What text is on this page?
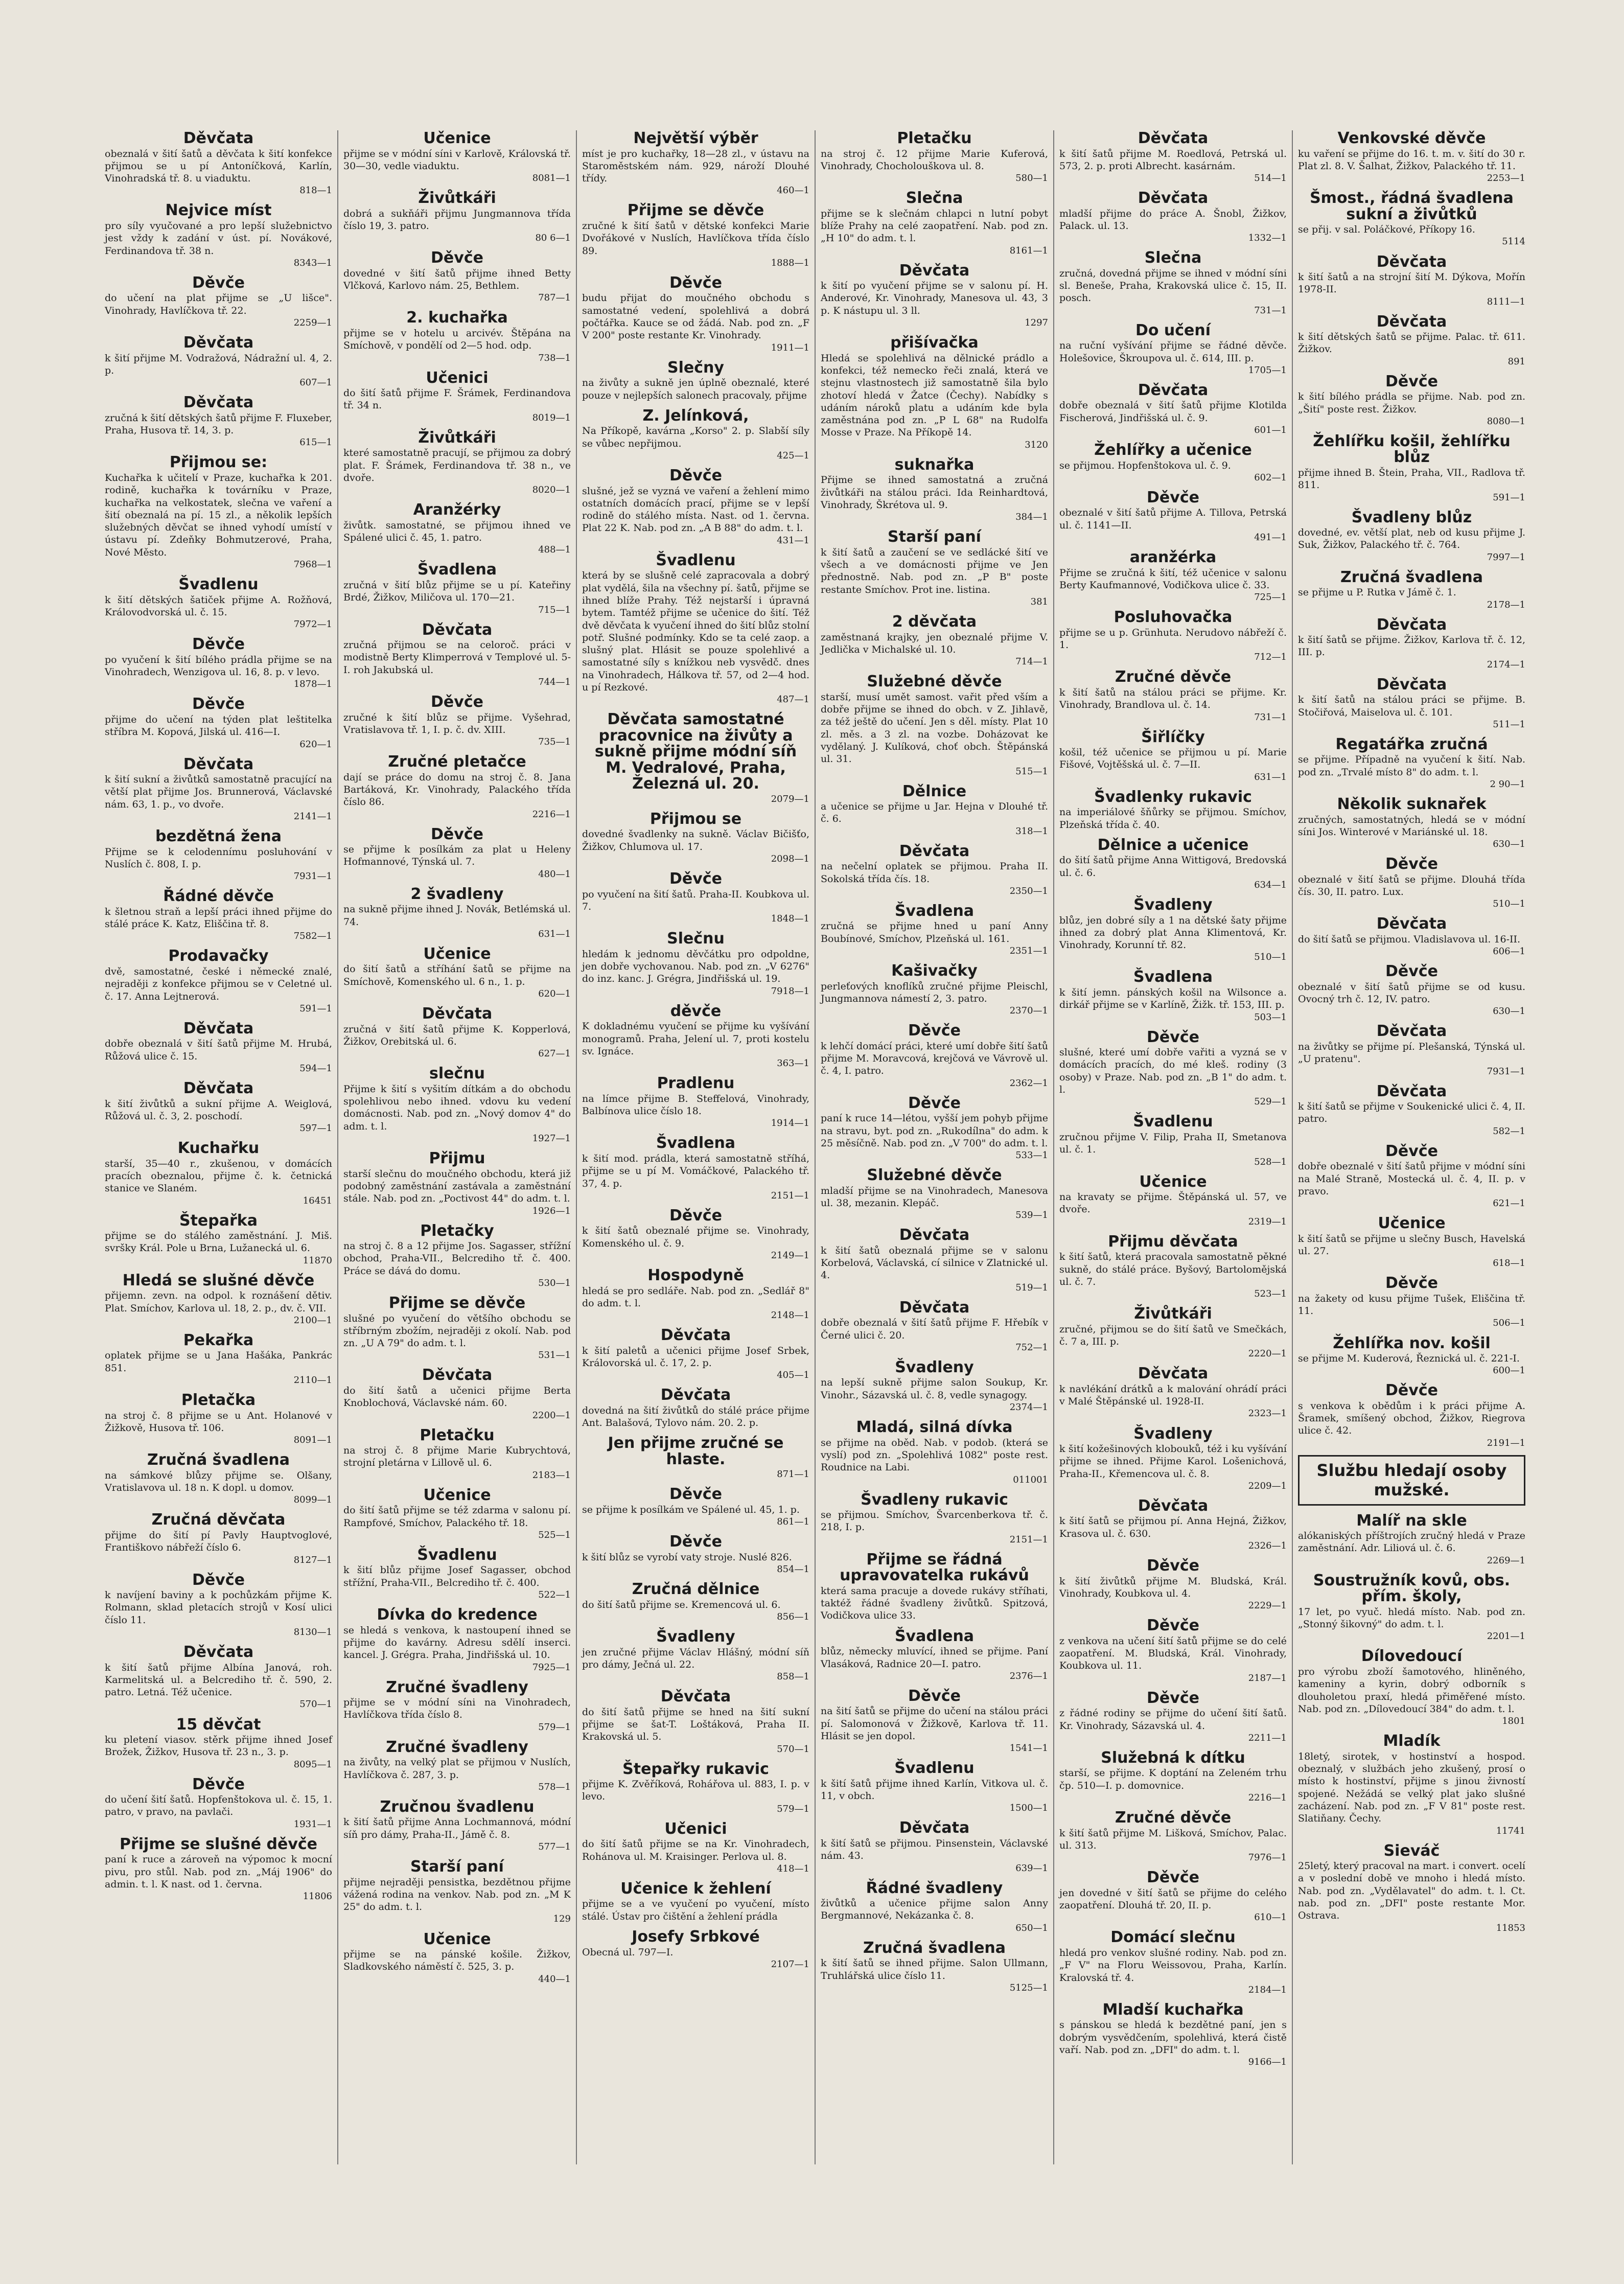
Děvčata
obeznalá v šití šatů a děvčata k šití konfekce přijmou se u pí Antoníčková, Karlín, Vinohradská tř. 8. u viaduktu.
818—1
Nejvice míst
pro síly vyučované a pro lepší služebnictvo jest vždy k zadání v úst. pí. Novákové, Ferdinandova tř. 38 n.
8343—1
Děvče
do učení na plat přijme se „U lišce". Vinohrady, Havlíčkova tř. 22.
2259—1
Děvčata
k šití přijme M. Vodražová, Nádražní ul. 4, 2. p.
607—1
Děvčata
zručná k šití dětských šatů přijme F. Fluxeber, Praha, Husova tř. 14, 3. p.
615—1
Přijmou se:
Kuchařka k učitelí v Praze, kuchařka k 201. rodině, kuchařka k továrníku v Praze, kuchařka na velkostatek, slečna ve vaření a šití obeznalá na pí. 15 zl., a několik lepších služebných děvčat se ihned vyhodí umístí v ústavu pí. Zdeňky Bohmutzerové, Praha, Nové Město.
7968—1
Švadlenu
k šití dětských šatiček přijme A. Rožňová, Královodvorská ul. č. 15.
7972—1
Děvče
po vyučení k šití bílého prádla přijme se na Vinohradech, Wenzigova ul. 16, 8. p. v levo.
1878—1
Děvče
přijme do učení na týden plat leštitelka stříbra M. Kopová, Jilská ul. 416—I.
620—1
Děvčata
k šití sukní a živůtků samostatně pracující na větší plat přijme Jos. Brunnerová, Václavské nám. 63, 1. p., vo dvoře.
2141—1
bezdětná žena
Přijme se k celodennímu posluhování v Nuslích č. 808, I. p.
7931—1
Řádné děvče
k šletnou straň a lepší práci ihned přijme do stálé práce K. Katz, Eliščina tř. 8.
7582—1
Prodavačky
dvě, samostatné, české i německé znalé, nejraději z konfekce přijmou se v Celetné ul. č. 17. Anna Lejtnerová.
591—1
Děvčata
dobře obeznalá v šití šatů přijme M. Hrubá, Růžová ulice č. 15.
594—1
Děvčata
k šití živůtků a sukní přijme A. Weiglová, Růžová ul. č. 3, 2. poschodí.
597—1
Kuchařku
starší, 35—40 r., zkušenou, v domácích pracích obeznalou, přijme č. k. četnická stanice ve Slaném.
16451
Štepařka
přijme se do stálého zaměstnání. J. Miš. svršky Král. Pole u Brna, Lužanecká ul. 6.
11870
Hledá se slušné děvče
přijemn. zevn. na odpol. k roznášení dětiv. Plat. Smíchov, Karlova ul. 18, 2. p., dv. č. VII.
2100—1
Pekařka
oplatek přijme se u Jana Hašáka, Pankrác 851.
2110—1
Pletačka
na stroj č. 8 přijme se u Ant. Holanové v Žižkově, Husova tř. 106.
8091—1
Zručná švadlena
na sámkové blůzy přijme se. Olšany, Vratislavova ul. 18 n. K dopl. u domov.
8099—1
Zručná děvčata
přijme do šití pí Pavly Hauptvoglové, Františkovo nábřeží číslo 6.
8127—1
Děvče
k navíjení baviny a k pochůzkám přijme K. Rolmann, sklad pletacích strojů v Kosí ulici číslo 11.
8130—1
Děvčata
k šití šatů přijme Albína Janová, roh. Karmelitská ul. a Belcrediho tř. č. 590, 2. patro. Letná. Též učenice.
570—1
15 děvčat
ku pletení viasov. stěrk přijme ihned Josef Brožek, Žižkov, Husova tř. 23 n., 3. p.
8095—1
Děvče
do učení šití šatů. Hopfenštokova ul. č. 15, 1. patro, v pravo, na pavlači.
1931—1
Přijme se slušné děvče
paní k ruce a zároveň na výpomoc k mocní pivu, pro stůl. Nab. pod zn. „Máj 1906" do admin. t. l. K nast. od 1. června.
11806
Učenice
přijme se v módní síni v Karlově, Královská tř. 30—30, vedle viaduktu.
8081—1
Živůtkáři
dobrá a sukňáři přijmu Jungmannova třída číslo 19, 3. patro.
80 6—1
Děvče
dovedné v šití šatů přijme ihned Betty Vlčková, Karlovo nám. 25, Bethlem.
787—1
2. kuchařka
přijme se v hotelu u arcivév. Štěpána na Smíchově, v pondělí od 2—5 hod. odp.
738—1
Učenici
do šití šatů přijme F. Šrámek, Ferdinandova tř. 34 n.
8019—1
Živůtkáři
které samostatně pracují, se přijmou za dobrý plat. F. Šrámek, Ferdinandova tř. 38 n., ve dvoře.
8020—1
Aranžérky
živůtk. samostatné, se přijmou ihned ve Spálené ulici č. 45, 1. patro.
488—1
Švadlena
zručná v šití blůz přijme se u pí. Kateřiny Brdé, Žižkov, Miličova ul. 170—21.
715—1
Děvčata
zručná přijmou se na celoroč. práci v modistně Berty Klimperrová v Templové ul. 5-I. roh Jakubská ul.
744—1
Děvče
zručné k šití blůz se přijme. Vyšehrad, Vratislavova tř. 1, I. p. č. dv. XIII.
735—1
Zručné pletačce
dají se práce do domu na stroj č. 8. Jana Bartáková, Kr. Vinohrady, Palackého třída číslo 86.
2216—1
Děvče
se přijme k posílkám za plat u Heleny Hofmannové, Týnská ul. 7.
480—1
2 švadleny
na sukně přijme ihned J. Novák, Betlémská ul. 74.
631—1
Učenice
do šití šatů a stříhání šatů se přijme na Smíchově, Komenského ul. 6 n., 1. p.
620—1
Děvčata
zručná v šití šatů přijme K. Kopperlová, Žižkov, Orebitská ul. 6.
627—1
slečnu
Přijme k šití s vyšitím dítkám a do obchodu spolehlivou nebo ihned. vdovu ku vedení domácnosti. Nab. pod zn. „Nový domov 4" do adm. t. l.
1927—1
Přijmu
starší slečnu do moučného obchodu, která již podobný zaměstnání zastávala a zaměstnání stále. Nab. pod zn. „Poctivost 44" do adm. t. l.
1926—1
Pletačky
na stroj č. 8 a 12 přijme Jos. Sagasser, střížní obchod, Praha-VII., Belcrediho tř. č. 400. Práce se dává do domu.
530—1
Přijme se děvče
slušné po vyučení do většího obchodu se stříbrným zbožím, nejraději z okolí. Nab. pod zn. „U A 79" do adm. t. l.
531—1
Děvčata
do šití šatů a učenici přijme Berta Knoblochová, Václavské nám. 60.
2200—1
Pletačku
na stroj č. 8 přijme Marie Kubrychtová, strojní pletárna v Lillově ul. 6.
2183—1
Učenice
do šití šatů přijme se též zdarma v salonu pí. Rampfové, Smíchov, Palackého tř. 18.
525—1
Švadlenu
k šití blůz přijme Josef Sagasser, obchod střížní, Praha-VII., Belcrediho tř. č. 400.
522—1
Dívka do kredence
se hledá s venkova, k nastoupení ihned se přijme do kavárny. Adresu sdělí inserci. kancel. J. Grégra. Praha, Jindřišská ul. 10.
7925—1
Zručné švadleny
přijme se v módní síni na Vinohradech, Havlíčkova třída číslo 8.
579—1
Zručné švadleny
na živůty, na velký plat se přijmou v Nuslích, Havlíčkova č. 287, 3. p.
578—1
Zručnou švadlenu
k šití šatů přijme Anna Lochmannová, módní síň pro dámy, Praha-II., Jámě č. 8.
577—1
Starší paní
přijme nejraději pensistka, bezdětnou přijme vážená rodina na venkov. Nab. pod zn. „M K 25" do adm. t. l.
129
Učenice
přijme se na pánské košile. Žižkov, Sladkovského náměstí č. 525, 3. p.
440—1
Největší výběr
míst je pro kuchařky, 18—28 zl., v ústavu na Staroměstském nám. 929, nároží Dlouhé třídy.
460—1
Přijme se děvče
zručné k šití šatů v dětské konfekci Marie Dvořákové v Nuslích, Havlíčkova třída číslo 89.
1888—1
Děvče
budu přijat do moučného obchodu s samostatné vedení, spolehlivá a dobrá počtářka. Kauce se od žádá. Nab. pod zn. „F V 200" poste restante Kr. Vinohrady.
1911—1
Slečny
na živůty a sukně jen úplně obeznalé, které pouze v nejlepších salonech pracovaly, přijme
Z. Jelínková,
Na Příkopě, kavárna „Korso" 2. p. Slabší síly se vůbec nepřijmou.
425—1
Děvče
slušné, jež se vyzná ve vaření a žehlení mimo ostatních domácích prací, přijme se v lepší rodině do stálého místa. Nast. od 1. června. Plat 22 K. Nab. pod zn. „A B 88" do adm. t. l.
431—1
Švadlenu
která by se slušně celé zapracovala a dobrý plat vydělá, šila na všechny pí. šatů, přijme se ihned blíže Prahy. Též nejstarší i úpravná bytem. Tamtéž přijme se učenice do šití. Též dvě děvčata k vyučení ihned do šití blůz stolní potř. Slušné podmínky. Kdo se ta celé zaop. a slušný plat. Hlásit se pouze spolehlivé a samostatné síly s knížkou neb vysvědč. dnes na Vinohradech, Hálkova tř. 57, od 2—4 hod. u pí Rezkové.
487—1
Děvčata samostatné pracovnice na živůty a sukně přijme módní síň M. Vedralové, Praha, Železná ul. 20.
2079—1
Přijmou se
dovedné švadlenky na sukně. Václav Bičišťo, Žižkov, Chlumova ul. 17.
2098—1
Děvče
po vyučení na šití šatů. Praha-II. Koubkova ul. 7.
1848—1
Slečnu
hledám k jednomu děvčátku pro odpoldne, jen dobře vychovanou. Nab. pod zn. „V 6276" do inz. kanc. J. Grégra, Jindřišská ul. 19.
7918—1
děvče
K dokladnému vyučení se přijme ku vyšívání monogramů. Praha, Jelení ul. 7, proti kostelu sv. Ignáce.
363—1
Pradlenu
na límce přijme B. Steffelová, Vinohrady, Balbínova ulice číslo 18.
1914—1
Švadlena
k šití mod. prádla, která samostatně stříhá, přijme se u pí M. Vomáčkové, Palackého tř. 37, 4. p.
2151—1
Děvče
k šití šatů obeznalé přijme se. Vinohrady, Komenského ul. č. 9.
2149—1
Hospodyně
hledá se pro sedláře. Nab. pod zn. „Sedlář 8" do adm. t. l.
2148—1
Děvčata
k šití paletů a učenici přijme Josef Srbek, Královorská ul. č. 17, 2. p.
405—1
Děvčata
dovedná na šití živůtků do stálé práce přijme Ant. Balašová, Tylovo nám. 20. 2. p.
Jen přijme zručné se hlaste.
871—1
Děvče
se přijme k posílkám ve Spálené ul. 45, 1. p.
861—1
Děvče
k šití blůz se vyrobí vaty stroje. Nuslé 826.
854—1
Zručná dělnice
do šití šatů přijme se. Kremencová ul. 6.
856—1
Švadleny
jen zručné přijme Václav Hlášný, módní síň pro dámy, Ječná ul. 22.
858—1
Děvčata
do šití šatů přijme se hned na šití sukní přijme se šat-T. Loštáková, Praha II. Krakovská ul. 5.
570—1
Štepařky rukavic
přijme K. Zvěříková, Rohářova ul. 883, I. p. v levo.
579—1
Učenici
do šití šatů přijme se na Kr. Vinohradech, Rohánova ul. M. Kraisinger. Perlova ul. 8.
418—1
Učenice k žehlení
přijme se a ve vyučení po vyučení, místo stálé. Ústav pro čištění a žehlení prádla
Josefy Srbkové
Obecná ul. 797—I.
2107—1
Pletačku
na stroj č. 12 přijme Marie Kuferová, Vinohrady, Chocholouškova ul. 8.
580—1
Slečna
přijme se k slečnám chlapci n lutní pobyt blíže Prahy na celé zaopatření. Nab. pod zn. „H 10" do adm. t. l.
8161—1
Děvčata
k šití po vyučení přijme se v salonu pí. H. Anderové, Kr. Vinohrady, Manesova ul. 43, 3 p. K nástupu ul. 3 ll.
1297
přišívačka
Hledá se spolehlivá na dělnické prádlo a konfekci, též nemecko řeči znalá, která ve stejnu vlastnostech již samostatně šila bylo zhotoví hledá v Žatce (Čechy). Nabídky s udáním nároků platu a udáním kde byla zaměstnána pod zn. „P L 68" na Rudolfa Mosse v Praze. Na Příkopě 14.
3120
suknařka
Přijme se ihned samostatná a zručná živůtkáři na stálou práci. Ida Reinhardtová, Vinohrady, Škrétova ul. 9.
384—1
Starší paní
k šití šatů a zaučení se ve sedlácké šití ve všech a ve domácnosti přijme ve Jen přednostně. Nab. pod zn. „P B" poste restante Smíchov. Prot ine. listina.
381
2 děvčata
zaměstnaná krajky, jen obeznalé přijme V. Jedlička v Michalské ul. 10.
714—1
Služebné děvče
starší, musí umět samost. vařit před vším a dobře přijme se ihned do obch. v Z. Jihlavě, za též ještě do učení. Jen s děl. místy. Plat 10 zl. měs. a 3 zl. na vozbe. Doházovat ke vydělaný. J. Kulíková, choť obch. Štěpánská ul. 31.
515—1
Dělnice
a učenice se přijme u Jar. Hejna v Dlouhé tř. č. 6.
318—1
Děvčata
na nečelní oplatek se přijmou. Praha II. Sokolská třída čís. 18.
2350—1
Švadlena
zručná se přijme hned u paní Anny Boubínové, Smíchov, Plzeňská ul. 161.
2351—1
Kašivačky
perleťových knoflíků zručné přijme Pleischl, Jungmannova námestí 2, 3. patro.
2370—1
Děvče
k lehčí domácí práci, které umí dobře šití šatů přijme M. Moravcová, krejčová ve Vávrově ul. č. 4, I. patro.
2362—1
Děvče
paní k ruce 14—létou, vyšší jem pohyb přijme na stravu, byt. pod zn. „Rukodílna" do adm. k 25 měsíčně. Nab. pod zn. „V 700" do adm. t. l.
533—1
Služebné děvče
mladší přijme se na Vinohradech, Manesova ul. 38, mezanin. Klepáč.
539—1
Děvčata
k šití šatů obeznalá přijme se v salonu Korbelová, Václavská, cí silnice v Zlatnické ul. 4.
519—1
Děvčata
dobře obeznalá v šití šatů přijme F. Hřebík v Černé ulici č. 20.
752—1
Švadleny
na lepší sukně přijme salon Soukup, Kr. Vinohr., Sázavská ul. č. 8, vedle synagogy.
2374—1
Mladá, silná dívka
se přijme na oběd. Nab. v podob. (která se vyslí) pod zn. „Spolehlivá 1082" poste rest. Roudnice na Labi.
011001
Švadleny rukavic
se přijmou. Smíchov, Švarcenberkova tř. č. 218, I. p.
2151—1
Přijme se řádná upravovatelka rukávů
která sama pracuje a dovede rukávy stříhati, taktéž řádné švadleny živůtků. Spitzová, Vodičkova ulice 33.
Švadlena
blůz, německy mluvící, ihned se přijme. Paní Vlasáková, Radnice 20—I. patro.
2376—1
Děvče
na šití šatů se přijme do učení na stálou práci pí. Salomonová v Žižkově, Karlova tř. 11. Hlásit se jen dopol.
1541—1
Švadlenu
k šití šatů přijme ihned Karlín, Vitkova ul. č. 11, v obch.
1500—1
Děvčata
k šití šatů se přijmou. Pinsenstein, Václavské nám. 43.
639—1
Řádné švadleny
živůtků a učenice přijme salon Anny Bergmannové, Nekázanka č. 8.
650—1
Zručná švadlena
k šití šatů se ihned přijme. Salon Ullmann, Truhlářská ulice číslo 11.
5125—1
Děvčata
k šití šatů přijme M. Roedlová, Petrská ul. 573, 2. p. proti Albrecht. kasárnám.
514—1
Děvčata
mladší přijme do práce A. Šnobl, Žižkov, Palack. ul. 13.
1332—1
Slečna
zručná, dovedná přijme se ihned v módní síni sl. Beneše, Praha, Krakovská ulice č. 15, II. posch.
731—1
Do učení
na ruční vyšívání přijme se řádné děvče. Holešovice, Škroupova ul. č. 614, III. p.
1705—1
Děvčata
dobře obeznalá v šití šatů přijme Klotilda Fischerová, Jindřišská ul. č. 9.
601—1
Žehlířky a učenice
se přijmou. Hopfenštokova ul. č. 9.
602—1
Děvče
obeznalé v šití šatů přijme A. Tillova, Petrská ul. č. 1141—II.
491—1
aranžérka
Přijme se zručná k šití, též učenice v salonu Berty Kaufmannové, Vodičkova ulice č. 33.
725—1
Posluhovačka
přijme se u p. Grünhuta. Nerudovo nábřeží č. 1.
712—1
Zručné děvče
k šití šatů na stálou práci se přijme. Kr. Vinohrady, Brandlova ul. č. 14.
731—1
Šiřlíčky
košil, též učenice se přijmou u pí. Marie Fišové, Vojtěšská ul. č. 7—II.
631—1
Švadlenky rukavic
na imperiálové šňůrky se přijmou. Smíchov, Plzeňská třída č. 40.
Dělnice a učenice
do šití šatů přijme Anna Wittigová, Bredovská ul. č. 6.
634—1
Švadleny
blůz, jen dobré síly a 1 na dětské šaty přijme ihned za dobrý plat Anna Klimentová, Kr. Vinohrady, Korunní tř. 82.
510—1
Švadlena
k šití jemn. pánských košil na Wilsonce a. dirkář přijme se v Karlíně, Žižk. tř. 153, III. p.
503—1
Děvče
slušné, které umí dobře vařiti a vyzná se v domácích pracích, do mé kleš. rodiny (3 osoby) v Praze. Nab. pod zn. „B 1" do adm. t. l.
529—1
Švadlenu
zručnou přijme V. Filip, Praha II, Smetanova ul. č. 1.
528—1
Učenice
na kravaty se přijme. Štěpánská ul. 57, ve dvoře.
2319—1
Přijmu děvčata
k šití šatů, která pracovala samostatně pěkné sukně, do stálé práce. Byšový, Bartolomějská ul. č. 7.
523—1
Živůtkáři
zručné, přijmou se do šití šatů ve Smečkách, č. 7 a, III. p.
2220—1
Děvčata
k navlékání drátků a k malování ohrádí práci v Malé Štěpánské ul. 1928-II.
2323—1
Švadleny
k šití kožešinových klobouků, též i ku vyšívání přijme se ihned. Přijme Karol. Lošenichová, Praha-II., Křemencova ul. č. 8.
2209—1
Děvčata
k šití šatů se přijmou pí. Anna Hejná, Žižkov, Krasova ul. č. 630.
2326—1
Děvče
k šití živůtků přijme M. Bludská, Král. Vinohrady, Koubkova ul. 4.
2229—1
Děvče
z venkova na učení šití šatů přijme se do celé zaopatření. M. Bludská, Král. Vinohrady, Koubkova ul. 11.
2187—1
Děvče
z řádné rodiny se přijme do učení šití šatů. Kr. Vinohrady, Sázavská ul. 4.
2211—1
Služebná k dítku
starší, se přijme. K doptání na Zeleném trhu čp. 510—I. p. domovnice.
2216—1
Zručné děvče
k šití šatů přijme M. Lišková, Smíchov, Palac. ul. 313.
7976—1
Děvče
jen dovedné v šití šatů se přijme do celého zaopatření. Dlouhá tř. 20, II. p.
610—1
Domácí slečnu
hledá pro venkov slušné rodiny. Nab. pod zn. „F V" na Floru Weissovou, Praha, Karlín. Kralovská tř. 4.
2184—1
Mladší kuchařka
s pánskou se hledá k bezdětné paní, jen s dobrým vysvědčením, spolehlivá, která čistě vaří. Nab. pod zn. „DFI" do adm. t. l.
9166—1
Venkovské děvče
ku vaření se přijme do 16. t. m. v. šití do 30 r. Plat zl. 8. V. Šalhat, Žižkov, Palackého tř. 11.
2253—1
Šmost., řádná švadlena sukní a živůtků
se přij. v sal. Poláčkové, Příkopy 16.
5114
Děvčata
k šití šatů a na strojní šití M. Dýkova, Mořín 1978-II.
8111—1
Děvčata
k šití dětských šatů se přijme. Palac. tř. 611. Žižkov.
891
Děvče
k šití bílého prádla se přijme. Nab. pod zn. „Šití" poste rest. Žižkov.
8080—1
Žehlířku košil, žehlířku blůz
přijme ihned B. Štein, Praha, VII., Radlova tř. 811.
591—1
Švadleny blůz
dovedné, ev. větší plat, neb od kusu přijme J. Suk, Žižkov, Palackého tř. č. 764.
7997—1
Zručná švadlena
se přijme u P. Rutka v Jámě č. 1.
2178—1
Děvčata
k šití šatů se přijme. Žižkov, Karlova tř. č. 12, III. p.
2174—1
Děvčata
k šití šatů na stálou práci se přijme. B. Stočiřová, Maiselova ul. č. 101.
511—1
Regatářka zručná
se přijme. Případně na vyučení k šití. Nab. pod zn. „Trvalé místo 8" do adm. t. l.
2 90—1
Několik suknařek
zručných, samostatných, hledá se v módní síni Jos. Winterové v Mariánské ul. 18.
630—1
Děvče
obeznalé v šití šatů se přijme. Dlouhá třída čís. 30, II. patro. Lux.
510—1
Děvčata
do šití šatů se přijmou. Vladislavova ul. 16-II.
606—1
Děvče
obeznalé v šití šatů přijme se od kusu. Ovocný trh č. 12, IV. patro.
630—1
Děvčata
na živůtky se přijme pí. Plešanská, Týnská ul. „U pratenu".
7931—1
Děvčata
k šití šatů se přijme v Soukenické ulici č. 4, II. patro.
582—1
Děvče
dobře obeznalé v šití šatů přijme v módní síni na Malé Straně, Mostecká ul. č. 4, II. p. v pravo.
621—1
Učenice
k šití šatů se přijme u slečny Busch, Havelská ul. 27.
618—1
Děvče
na žakety od kusu přijme Tušek, Eliščina tř. 11.
506—1
Žehlířka nov. košil
se přijme M. Kuderová, Řeznická ul. č. 221-I.
600—1
Děvče
s venkova k obědům i k práci přijme A. Šramek, smíšený obchod, Žižkov, Riegrova ulice č. 42.
2191—1
Službu hledají osoby mužské.
Malíř na skle
alókaniských příštrojích zručný hledá v Praze zaměstnání. Adr. Liliová ul. č. 6.
2269—1
Soustružník kovů, obs. přím. školy,
17 let, po vyuč. hledá místo. Nab. pod zn. „Stonný šikovný" do adm. t. l.
2201—1
Dílovedoucí
pro výrobu zboží šamotového, hliněného, kameniny a kyrin, dobrý odborník s dlouholetou praxí, hledá přiměřené místo. Nab. pod zn. „Dílovedoucí 384" do adm. t. l.
1801
Mladík
18letý, sirotek, v hostinství a hospod. obeznalý, v službách jeho zkušený, prosí o místo k hostinství, přijme s jinou živností spojené. Nežádá se velký plat jako slušné zacházení. Nab. pod zn. „F V 81" poste rest. Slatiňany. Čechy.
11741
Sieváč
25letý, který pracoval na mart. i convert. ocelí a v poslední době ve mnoho i hledá místo. Nab. pod zn. „Vydělavatel" do adm. t. l. Ct. nab. pod zn. „DFI" poste restante Mor. Ostrava.
11853
